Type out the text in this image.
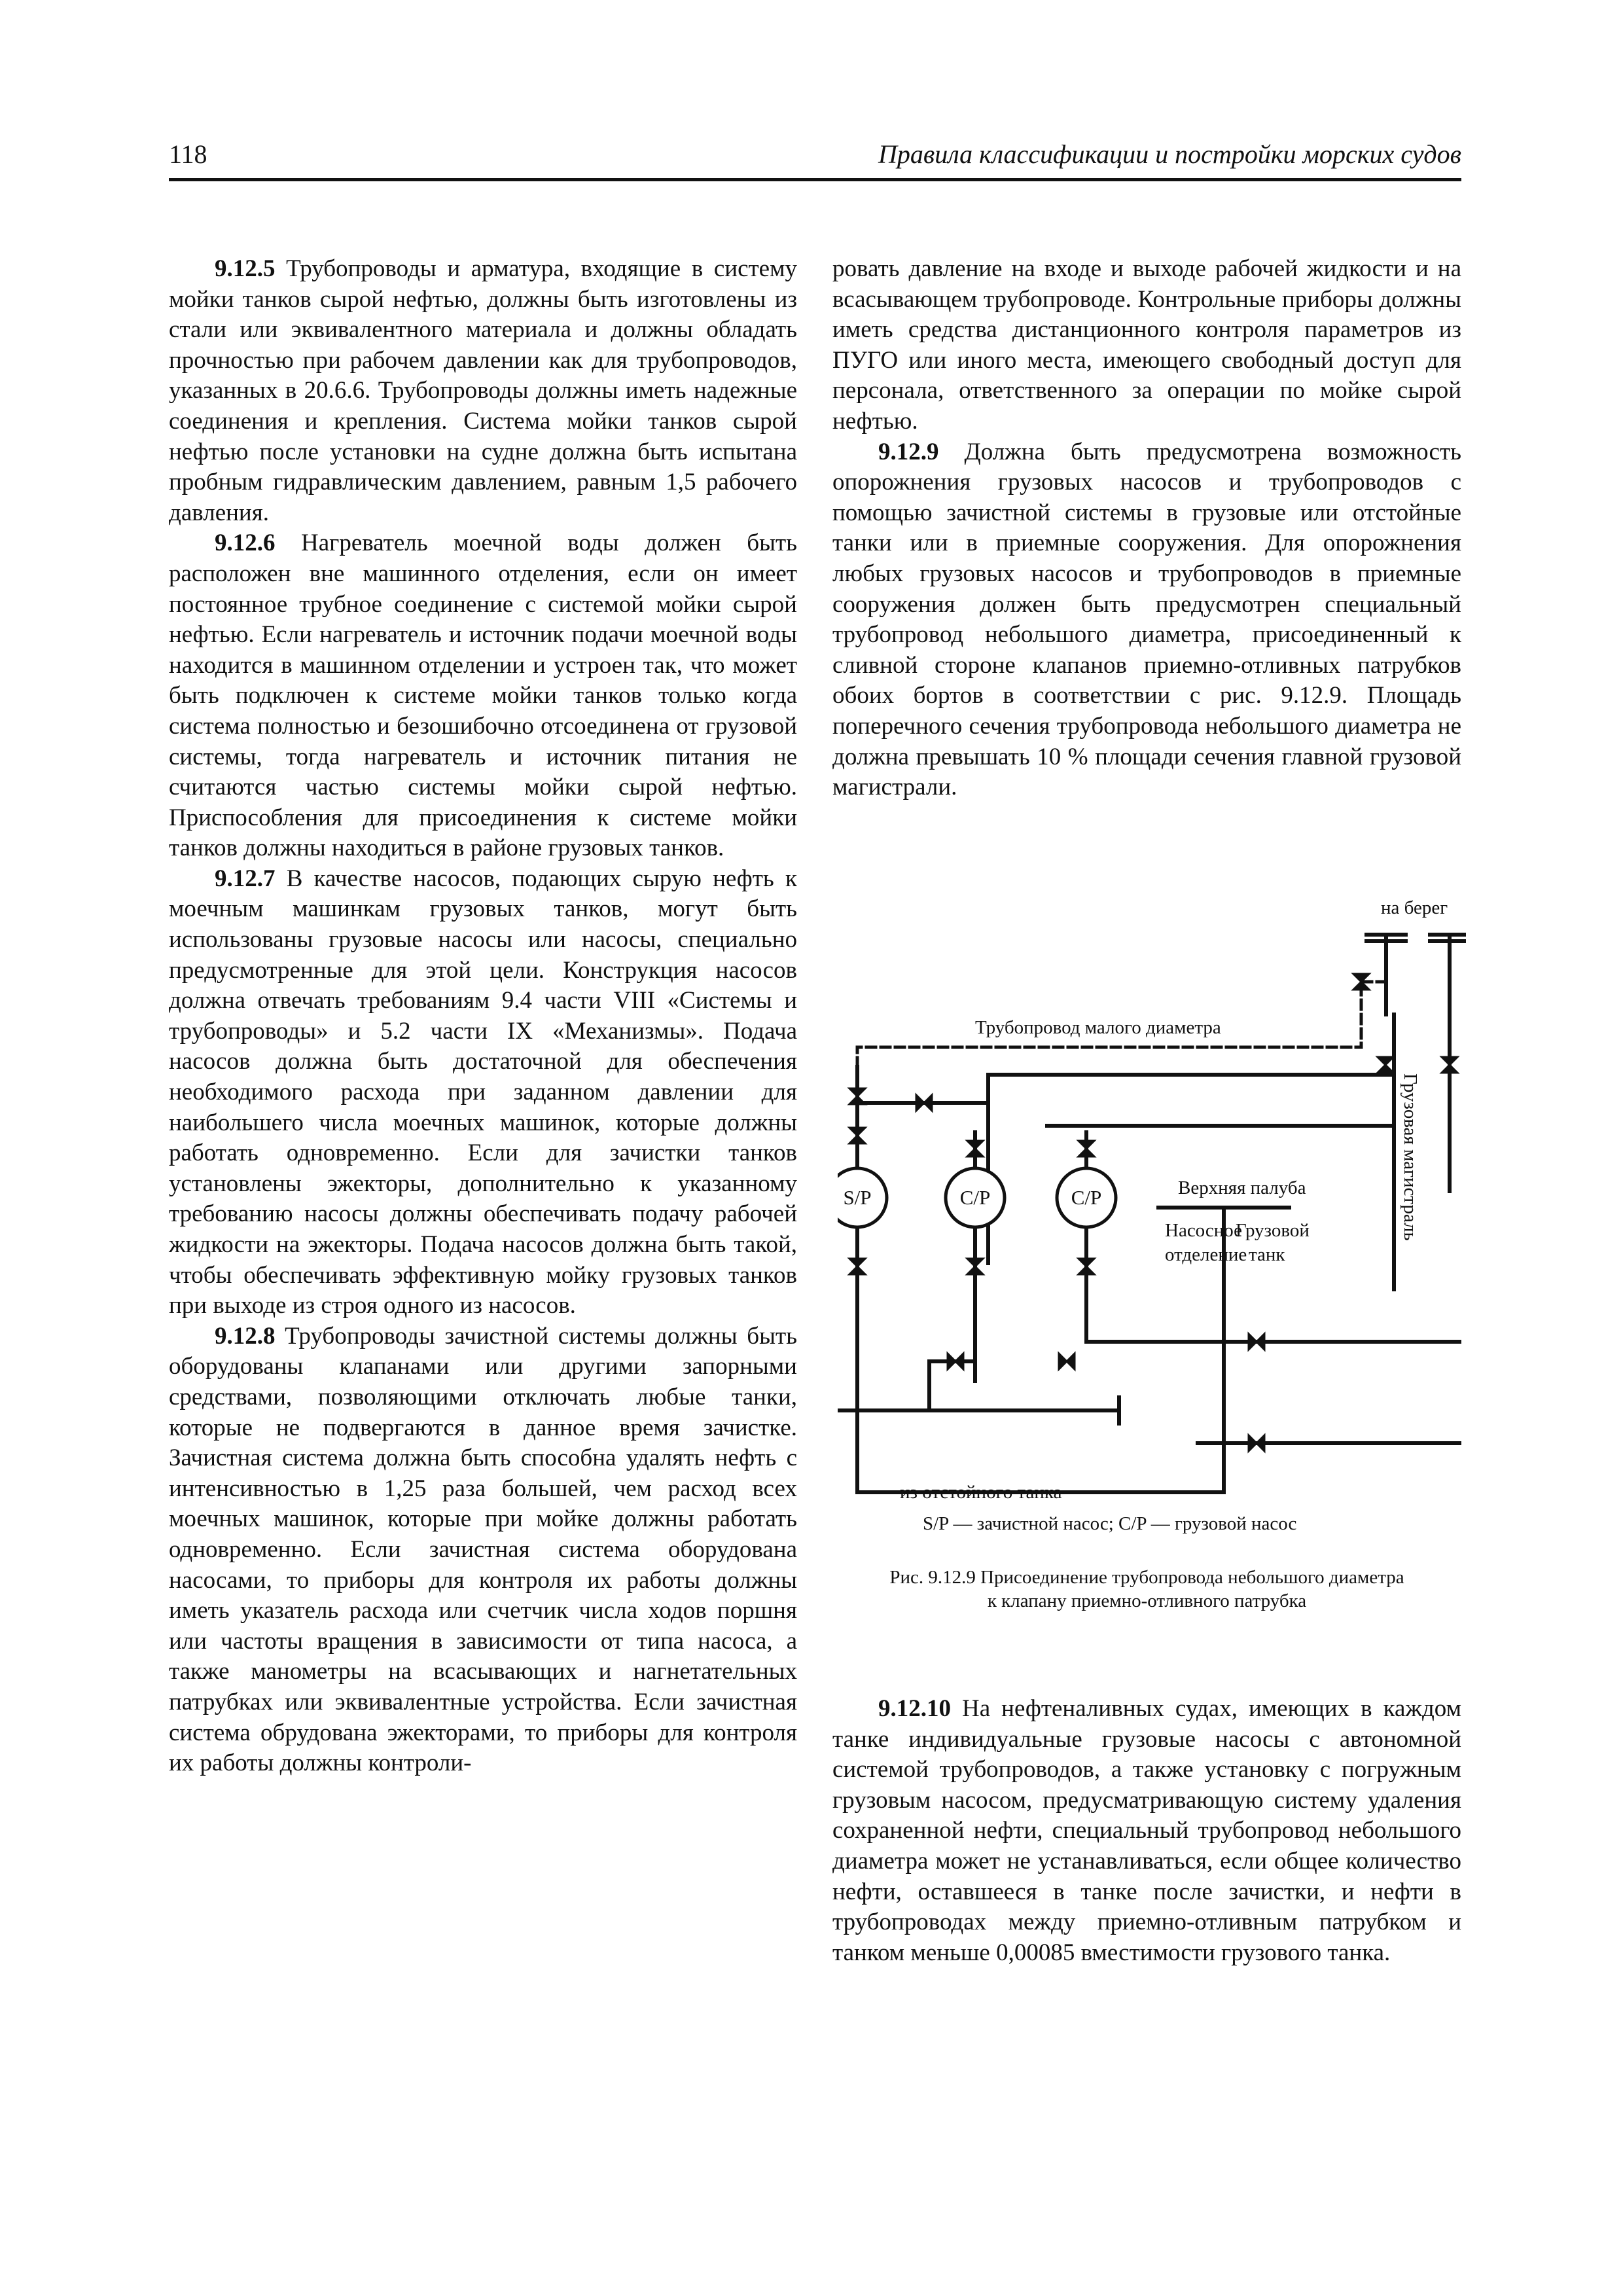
118	Правила классификации и постройки морских судов

9.12.5 Трубопроводы и арматура, входящие в систему мойки танков сырой нефтью, должны быть изготовлены из стали или эквивалентного материала и должны обладать прочностью при рабочем давлении как для трубопроводов, указанных в 20.6.6. Трубопроводы должны иметь надежные соединения и крепления. Система мойки танков сырой нефтью после установки на судне должна быть испытана пробным гидравлическим давлением, равным 1,5 рабочего давления.

9.12.6 Нагреватель моечной воды должен быть расположен вне машинного отделения, если он имеет постоянное трубное соединение с системой мойки сырой нефтью. Если нагреватель и источник подачи моечной воды находится в машинном отделении и устроен так, что может быть подключен к системе мойки танков только когда система полностью и безошибочно отсоединена от грузовой системы, тогда нагреватель и источник питания не считаются частью системы мойки сырой нефтью. Приспособления для присоединения к системе мойки танков должны находиться в районе грузовых танков.

9.12.7 В качестве насосов, подающих сырую нефть к моечным машинкам грузовых танков, могут быть использованы грузовые насосы или насосы, специально предусмотренные для этой цели. Конструкция насосов должна отвечать требованиям 9.4 части VIII «Системы и трубопроводы» и 5.2 части IX «Механизмы». Подача насосов должна быть достаточной для обеспечения необходимого расхода при заданном давлении для наибольшего числа моечных машинок, которые должны работать одновременно. Если для зачистки танков установлены эжекторы, дополнительно к указанному требованию насосы должны обеспечивать подачу рабочей жидкости на эжекторы. Подача насосов должна быть такой, чтобы обеспечивать эффективную мойку грузовых танков при выходе из строя одного из насосов.

9.12.8 Трубопроводы зачистной системы должны быть оборудованы клапанами или другими запорными средствами, позволяющими отключать любые танки, которые не подвергаются в данное время зачистке. Зачистная система должна быть способна удалять нефть с интенсивностью в 1,25 раза большей, чем расход всех моечных машинок, которые при мойке должны работать одновременно. Если зачистная система оборудована насосами, то приборы для контроля их работы должны иметь указатель расхода или счетчик числа ходов поршня или частоты вращения в зависимости от типа насоса, а также манометры на всасывающих и нагнетательных патрубках или эквивалентные устройства. Если зачистная система обрудована эжекторами, то приборы для контроля их работы должны контроли-

ровать давление на входе и выходе рабочей жидкости и на всасывающем трубопроводе. Контрольные приборы должны иметь средства дистанционного контроля параметров из ПУГО или иного места, имеющего свободный доступ для персонала, ответственного за операции по мойке сырой нефтью.

9.12.9 Должна быть предусмотрена возможность опорожнения грузовых насосов и трубопроводов с помощью зачистной системы в грузовые или отстойные танки или в приемные сооружения. Для опорожнения любых грузовых насосов и трубопроводов в приемные сооружения должен быть предусмотрен специальный трубопровод небольшого диаметра, присоединенный к сливной стороне клапанов приемно-отливных патрубков обоих бортов в соответствии с рис. 9.12.9. Площадь поперечного сечения трубопровода небольшого диаметра не должна превышать 10 % площади сечения главной грузовой магистрали.

9.12.10 На нефтеналивных судах, имеющих в каждом танке индивидуальные грузовые насосы с автономной системой трубопроводов, а также установку с погружным грузовым насосом, предусматривающую систему удаления сохраненной нефти, специальный трубопровод небольшого диаметра может не устанавливаться, если общее количество нефти, оставшееся в танке после зачистки, и нефти в трубопроводах между приемно-отливным патрубком и танком меньше 0,00085 вместимости грузового танка.

на берег
Трубопровод малого диаметра
Грузовая магистраль
Верхняя палуба
Насосное
отделение
Грузовой
танк
S/P	C/P	C/P
из отстойного танка
S/P — зачистной насос; С/P — грузовой насос
Рис. 9.12.9 Присоединение трубопровода небольшого диаметра
к клапану приемно-отливного патрубка
